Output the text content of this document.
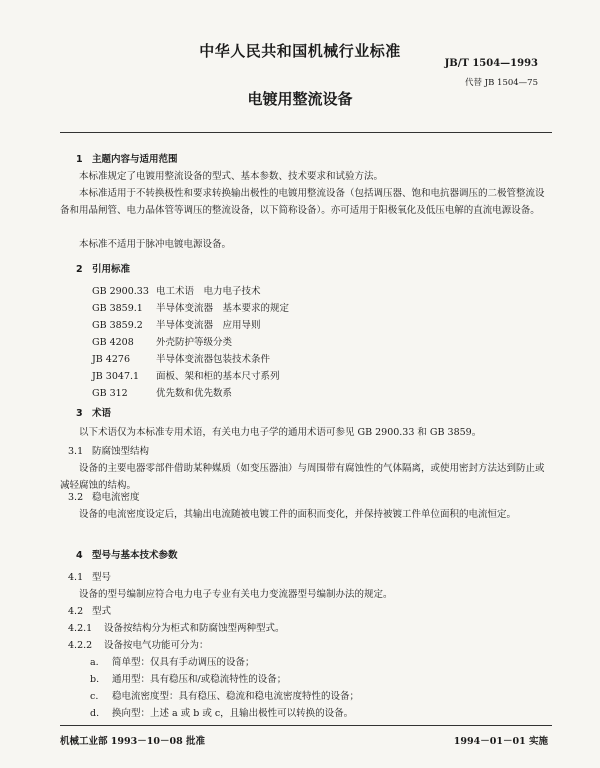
中华人民共和国机械行业标准
JB/T 1504—1993
代替 JB 1504—75
电镀用整流设备
1 主题内容与适用范围
本标准规定了电镀用整流设备的型式、基本参数、技术要求和试验方法。
本标准适用于不转换极性和要求转换输出极性的电镀用整流设备（包括调压器、饱和电抗器调压的二极管整流设备和用晶闸管、电力晶体管等调压的整流设备，以下简称设备）。亦可适用于阳极氧化及低压电解的直流电源设备。
本标准不适用于脉冲电镀电源设备。
2 引用标准
GB 2900.33 电工术语　电力电子技术
GB 3859.1 半导体变流器　基本要求的规定
GB 3859.2 半导体变流器　应用导则
GB 4208 外壳防护等级分类
JB 4276	半导体变流器包装技术条件
JB 3047.1 面板、架和柜的基本尺寸系列
GB 312	优先数和优先数系
3 术语
以下术语仅为本标准专用术语，有关电力电子学的通用术语可参见 GB 2900.33 和 GB 3859。
3.1 防腐蚀型结构
设备的主要电器零部件借助某种媒质（如变压器油）与周围带有腐蚀性的气体隔离，或使用密封方法达到防止或减轻腐蚀的结构。
3.2 稳电流密度
设备的电流密度设定后，其输出电流随被电镀工件的面积而变化，并保持被镀工件单位面积的电流恒定。
4 型号与基本技术参数
4.1 型号
设备的型号编制应符合电力电子专业有关电力变流器型号编制办法的规定。
4.2 型式
4.2.1 设备按结构分为柜式和防腐蚀型两种型式。
4.2.2 设备按电气功能可分为：
a. 简单型：仅具有手动调压的设备；
b. 通用型：具有稳压和/或稳流特性的设备；
c. 稳电流密度型：具有稳压、稳流和稳电流密度特性的设备；
d. 换向型：上述 a 或 b 或 c，且输出极性可以转换的设备。
机械工业部 1993－10－08 批准	1994－01－01 实施
